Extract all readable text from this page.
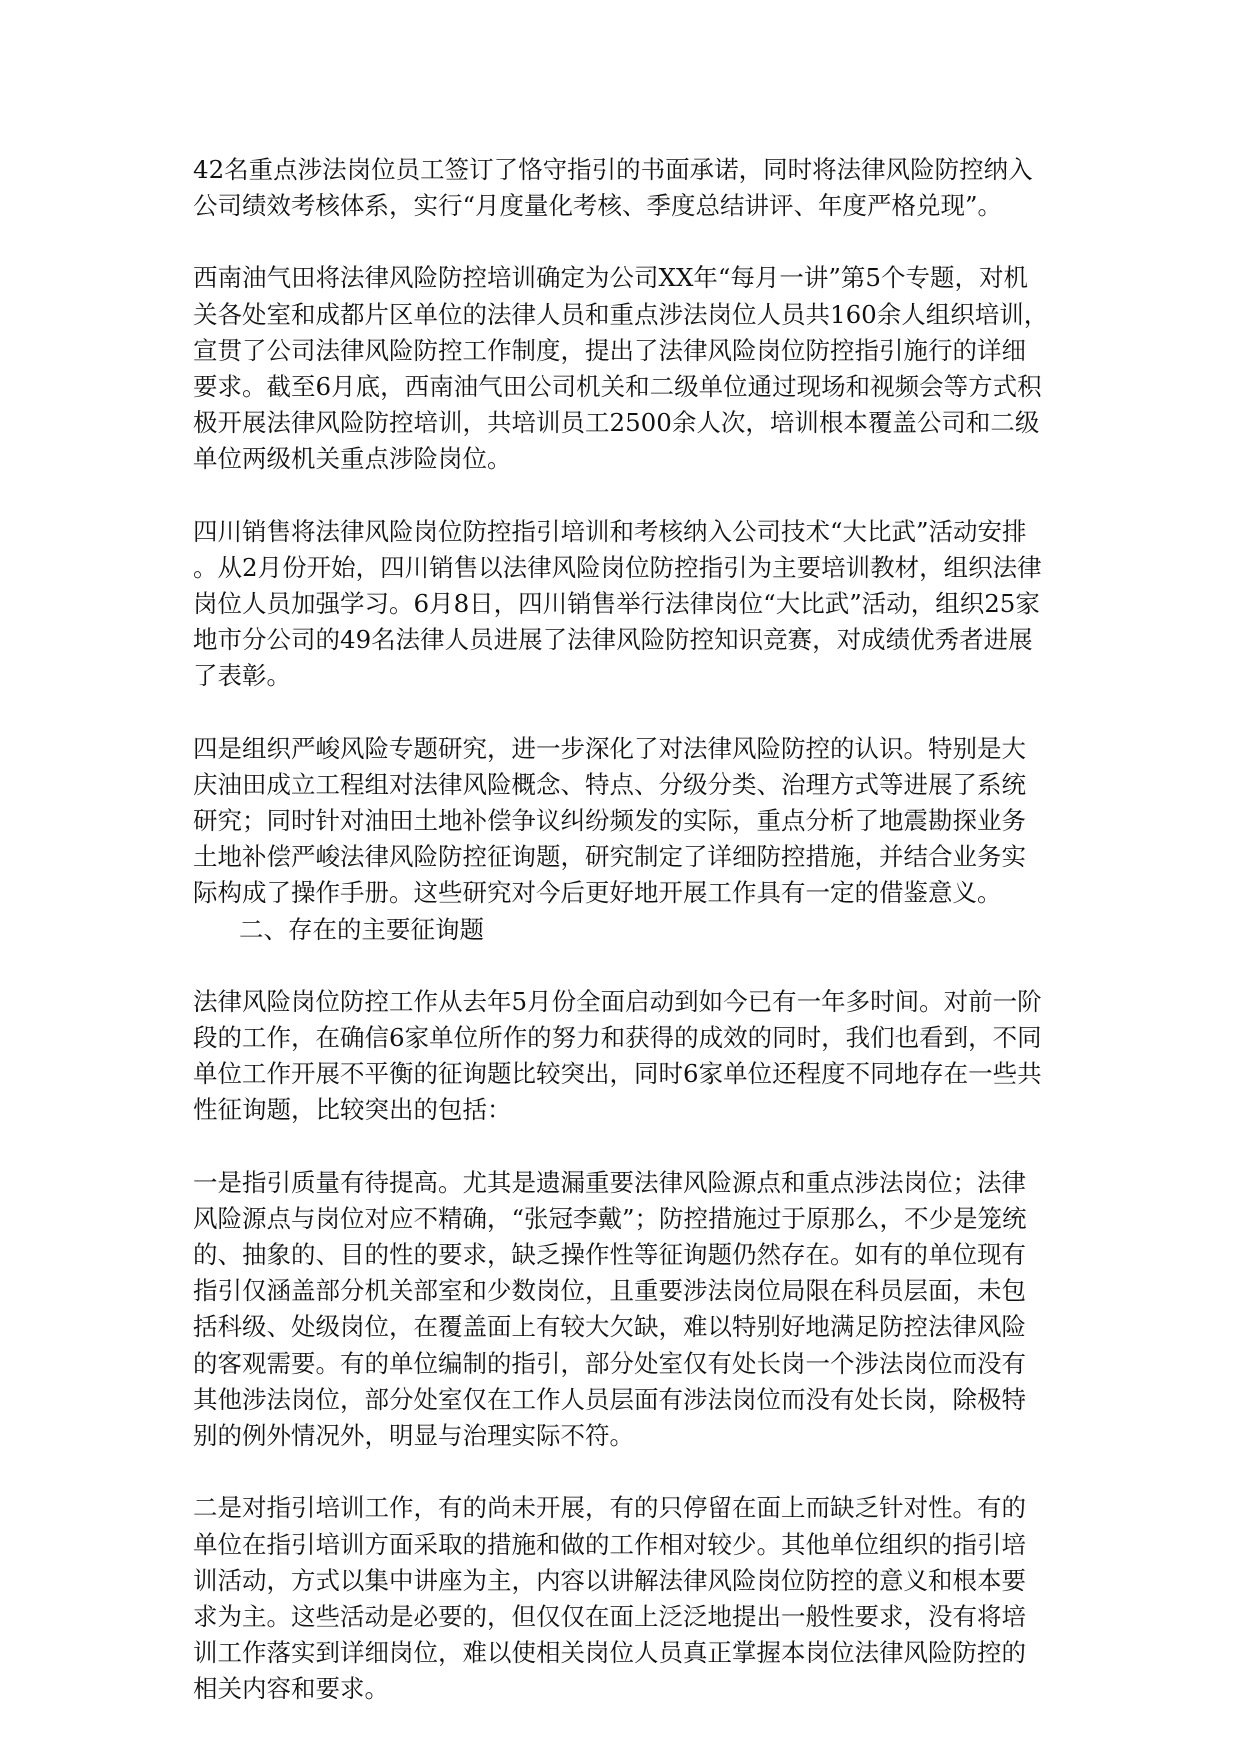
42名重点涉法岗位员工签订了恪守指引的书面承诺，同时将法律风险防控纳入
公司绩效考核体系，实行“月度量化考核、季度总结讲评、年度严格兑现”。
西南油气田将法律风险防控培训确定为公司XX年“每月一讲”第5个专题，对机
关各处室和成都片区单位的法律人员和重点涉法岗位人员共160余人组织培训，
宣贯了公司法律风险防控工作制度，提出了法律风险岗位防控指引施行的详细
要求。截至6月底，西南油气田公司机关和二级单位通过现场和视频会等方式积
极开展法律风险防控培训，共培训员工2500余人次，培训根本覆盖公司和二级
单位两级机关重点涉险岗位。
四川销售将法律风险岗位防控指引培训和考核纳入公司技术“大比武”活动安排
。从2月份开始，四川销售以法律风险岗位防控指引为主要培训教材，组织法律
岗位人员加强学习。6月8日，四川销售举行法律岗位“大比武”活动，组织25家
地市分公司的49名法律人员进展了法律风险防控知识竞赛，对成绩优秀者进展
了表彰。
四是组织严峻风险专题研究，进一步深化了对法律风险防控的认识。特别是大
庆油田成立工程组对法律风险概念、特点、分级分类、治理方式等进展了系统
研究；同时针对油田土地补偿争议纠纷频发的实际，重点分析了地震勘探业务
土地补偿严峻法律风险防控征询题，研究制定了详细防控措施，并结合业务实
际构成了操作手册。这些研究对今后更好地开展工作具有一定的借鉴意义。
二、存在的主要征询题
法律风险岗位防控工作从去年5月份全面启动到如今已有一年多时间。对前一阶
段的工作，在确信6家单位所作的努力和获得的成效的同时，我们也看到，不同
单位工作开展不平衡的征询题比较突出，同时6家单位还程度不同地存在一些共
性征询题，比较突出的包括：
一是指引质量有待提高。尤其是遗漏重要法律风险源点和重点涉法岗位；法律
风险源点与岗位对应不精确，“张冠李戴”；防控措施过于原那么，不少是笼统
的、抽象的、目的性的要求，缺乏操作性等征询题仍然存在。如有的单位现有
指引仅涵盖部分机关部室和少数岗位，且重要涉法岗位局限在科员层面，未包
括科级、处级岗位，在覆盖面上有较大欠缺，难以特别好地满足防控法律风险
的客观需要。有的单位编制的指引，部分处室仅有处长岗一个涉法岗位而没有
其他涉法岗位，部分处室仅在工作人员层面有涉法岗位而没有处长岗，除极特
别的例外情况外，明显与治理实际不符。
二是对指引培训工作，有的尚未开展，有的只停留在面上而缺乏针对性。有的
单位在指引培训方面采取的措施和做的工作相对较少。其他单位组织的指引培
训活动，方式以集中讲座为主，内容以讲解法律风险岗位防控的意义和根本要
求为主。这些活动是必要的，但仅仅在面上泛泛地提出一般性要求，没有将培
训工作落实到详细岗位，难以使相关岗位人员真正掌握本岗位法律风险防控的
相关内容和要求。
